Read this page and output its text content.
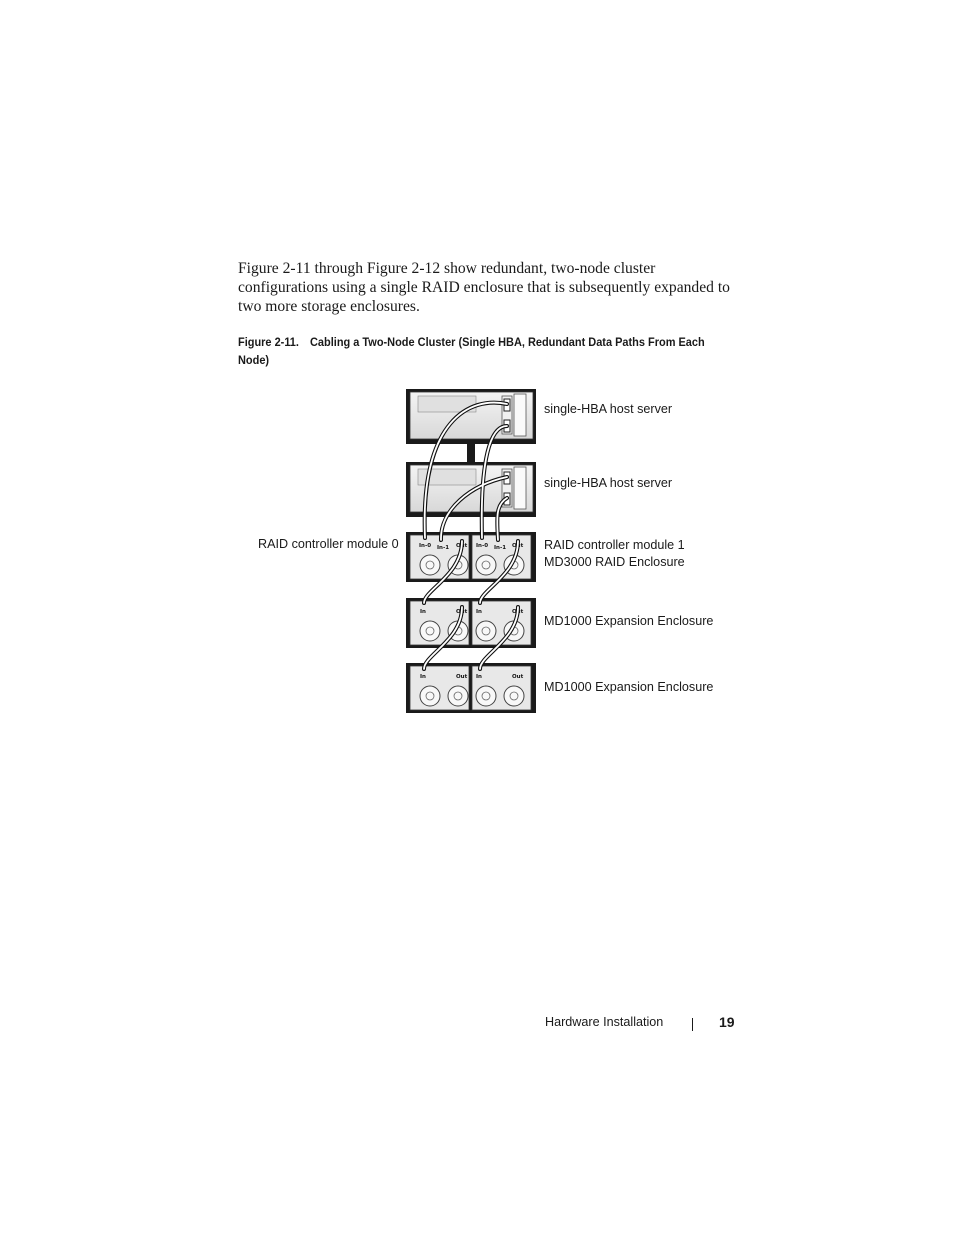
Figure 2-11 through Figure 2-12 show redundant, two-node cluster configurations using a single RAID enclosure that is subsequently expanded to two more storage enclosures.
Figure 2-11. Cabling a Two-Node Cluster (Single HBA, Redundant Data Paths From Each Node)
In-0 In-1 Out In-0 In-1 Out
In	Out In	Out
In	Out In	Out
single-HBA host server
single-HBA host server
RAID controller module 0	RAID controller module 1
MD3000 RAID Enclosure
MD1000 Expansion Enclosure
MD1000 Expansion Enclosure
Hardware Installation	19
